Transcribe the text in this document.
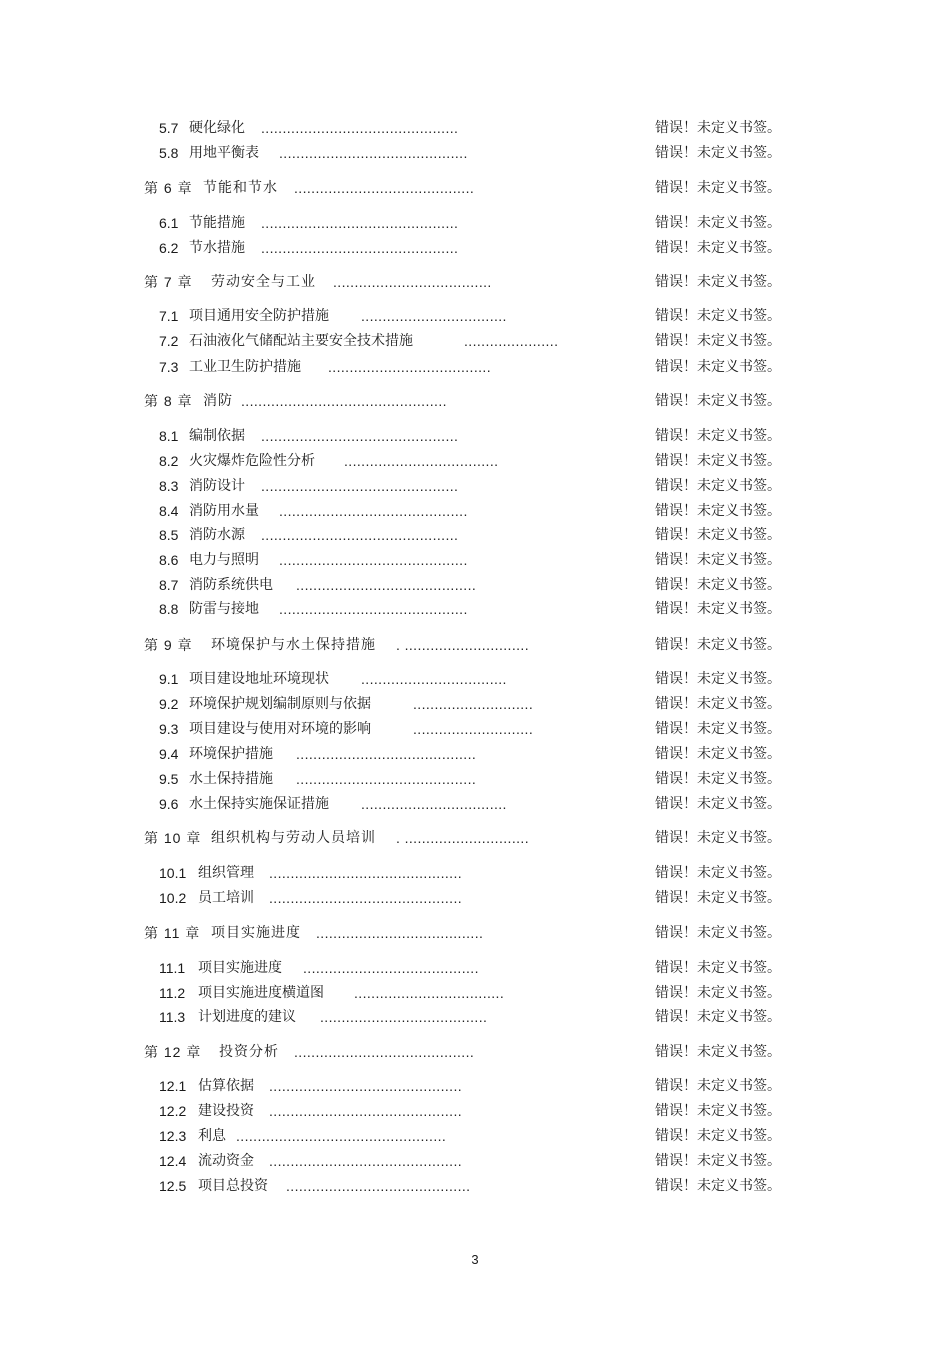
5.7 硬化绿化 ..............................................	错误！未定义书签。
5.8 用地平衡表 ............................................	错误！未定义书签。
第 6 章 节能和节水 ..........................................	错误！未定义书签。
6.1 节能措施 ..............................................	错误！未定义书签。
6.2 节水措施 ..............................................	错误！未定义书签。
第 7 章 劳动安全与工业 .....................................	错误！未定义书签。
7.1 项目通用安全防护措施 ..................................	错误！未定义书签。
7.2 石油液化气储配站主要安全技术措施	......................	错误！未定义书签。
7.3 工业卫生防护措施 ......................................	错误！未定义书签。
第 8 章 消防 ................................................	错误！未定义书签。
8.1 编制依据 ..............................................	错误！未定义书签。
8.2 火灾爆炸危险性分析 ....................................	错误！未定义书签。
8.3 消防设计 ..............................................	错误！未定义书签。
8.4 消防用水量 ............................................	错误！未定义书签。
8.5 消防水源 ..............................................	错误！未定义书签。
8.6 电力与照明 ............................................	错误！未定义书签。
8.7 消防系统供电 ..........................................	错误！未定义书签。
8.8 防雷与接地 ............................................	错误！未定义书签。
第 9 章 环境保护与水土保持措施 . .............................	错误！未定义书签。
9.1 项目建设地址环境现状 ..................................	错误！未定义书签。
9.2 环境保护规划编制原则与依据	............................	错误！未定义书签。
9.3 项目建设与使用对环境的影响	............................	错误！未定义书签。
9.4 环境保护措施 ..........................................	错误！未定义书签。
9.5 水土保持措施 ..........................................	错误！未定义书签。
9.6 水土保持实施保证措施 ..................................	错误！未定义书签。
第 10 章 组织机构与劳动人员培训 . .............................	错误！未定义书签。
10.1 组织管理 .............................................	错误！未定义书签。
10.2 员工培训 .............................................	错误！未定义书签。
第 11 章 项目实施进度 .......................................	错误！未定义书签。
11.1 项目实施进度 .........................................	错误！未定义书签。
11.2 项目实施进度横道图 ...................................	错误！未定义书签。
11.3 计划进度的建议 .......................................	错误！未定义书签。
第 12 章 投资分析 ..........................................	错误！未定义书签。
12.1 估算依据 .............................................	错误！未定义书签。
12.2 建设投资 .............................................	错误！未定义书签。
12.3 利息 .................................................	错误！未定义书签。
12.4 流动资金 .............................................	错误！未定义书签。
12.5 项目总投资 ...........................................	错误！未定义书签。
3
